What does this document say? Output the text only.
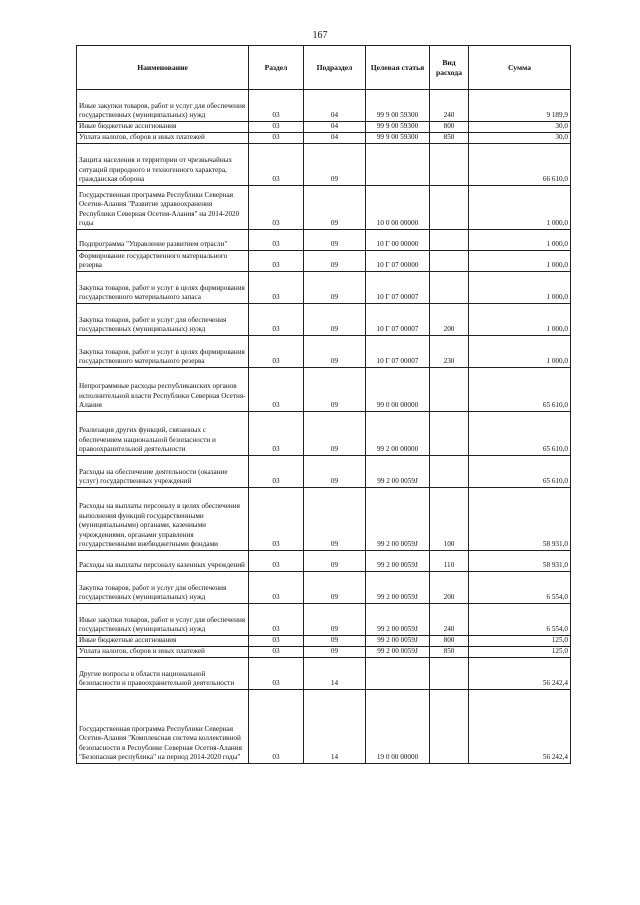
167
Наименование	Раздел	Подраздел	Целевая статья	Вид расхода	Сумма
Иные закупки товаров, работ и услуг для обеспечения государственных (муниципальных) нужд	03	04	99 9 00 59300	240	9 189,9
Иные бюджетные ассигнования	03	04	99 9 00 59300	800	30,0
Уплата налогов, сборов и иных платежей	03	04	99 9 00 59300	850	30,0
Защита населения и территории от чрезвычайных ситуаций природного и техногенного характера, гражданская оборона	03	09			66 610,0
Государственная программа Республики Северная Осетия-Алания "Развитие здравоохранения Республики Северная Осетия-Алания" на 2014-2020 годы	03	09	10 0 00 00000		1 000,0
Подпрограмма "Управление развитием отрасли"	03	09	10 Г 00 00000		1 000,0
Формирование государственного материального резерва	03	09	10 Г 07 00000		1 000,0
Закупка товаров, работ и услуг в целях формирования государственного материального запаса	03	09	10 Г 07 00007		1 000,0
Закупка товаров, работ и услуг для обеспечения государственных (муниципальных) нужд	03	09	10 Г 07 00007	200	1 000,0
Закупка товаров, работ и услуг в целях формирования государственного материального резерва	03	09	10 Г 07 00007	230	1 000,0
Непрограммные расходы республиканских органов исполнительной власти Республики Северная Осетия-Алания	03	09	99 0 00 00000		65 610,0
Реализация других функций, связанных с обеспечением национальной безопасности и правоохранительной деятельности	03	09	99 2 00 00000		65 610,0
Расходы на обеспечение деятельности (оказание услуг) государственных учреждений	03	09	99 2 00 0059Ј		65 610,0
Расходы на выплаты персоналу в целях обеспечения выполнения функций государственными (муниципальными) органами, казенными учреждениями, органами управления государственными внебюджетными фондами	03	09	99 2 00 0059Ј	100	58 931,0
Расходы на выплаты персоналу казенных учреждений	03	09	99 2 00 0059Ј	110	58 931,0
Закупка товаров, работ и услуг для обеспечения государственных (муниципальных) нужд	03	09	99 2 00 0059Ј	200	6 554,0
Иные закупки товаров, работ и услуг для обеспечения государственных (муниципальных) нужд	03	09	99 2 00 0059Ј	240	6 554,0
Иные бюджетные ассигнования	03	09	99 2 00 0059Ј	800	125,0
Уплата налогов, сборов и иных платежей	03	09	99 2 00 0059Ј	850	125,0
Другие вопросы в области национальной безопасности и правоохранительной деятельности	03	14			56 242,4
Государственная программа Республики Северная Осетия-Алания "Комплексная система коллективной безопасности в Республике Северная Осетия-Алания "Безопасная республика" на период 2014-2020 годы"	03	14	19 0 00 00000		56 242,4
